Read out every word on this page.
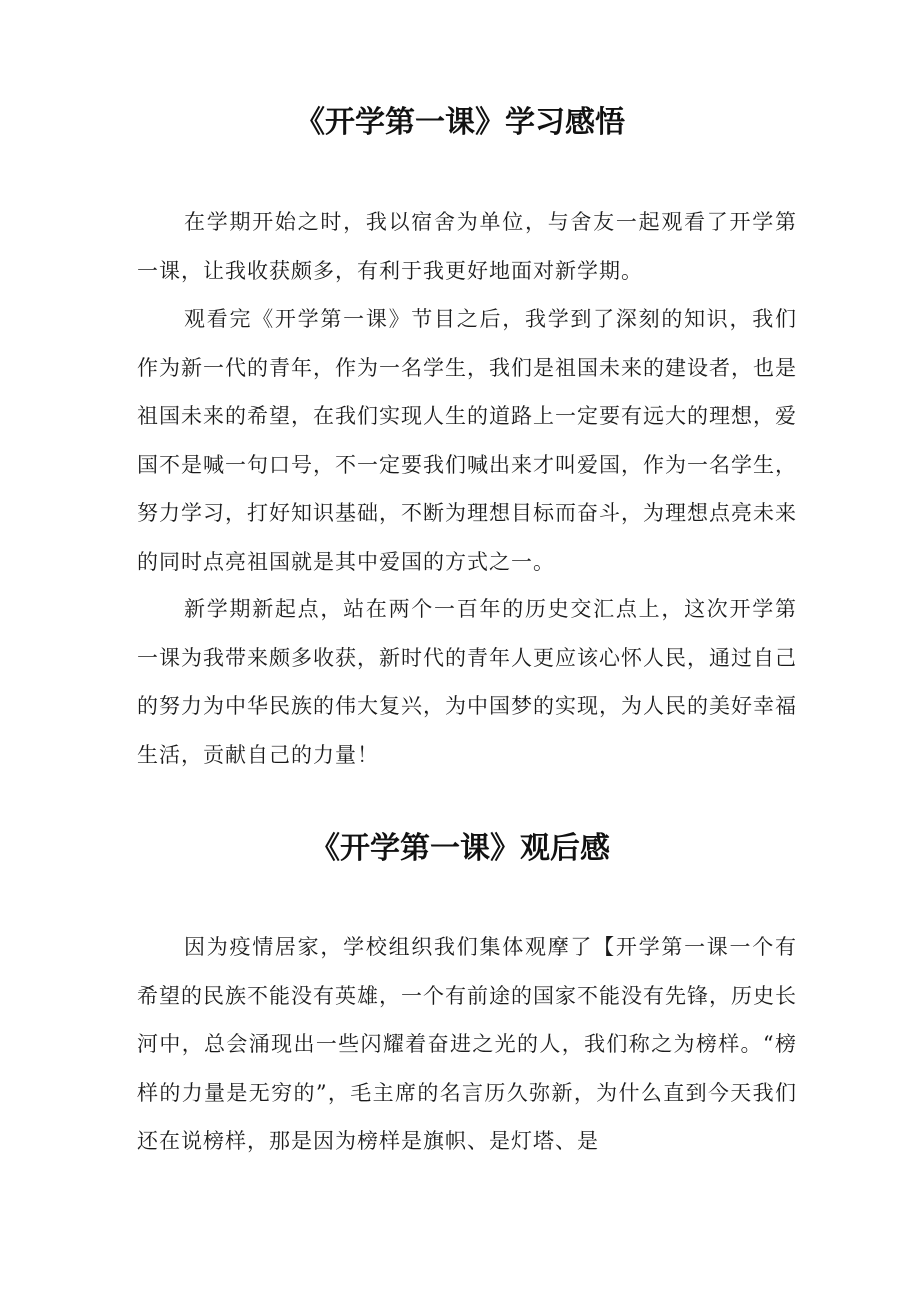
《开学第一课》学习感悟

在学期开始之时，我以宿舍为单位，与舍友一起观看了开学第一课，让我收获颇多，有利于我更好地面对新学期。

观看完《开学第一课》节目之后，我学到了深刻的知识，我们作为新一代的青年，作为一名学生，我们是祖国未来的建设者，也是祖国未来的希望，在我们实现人生的道路上一定要有远大的理想，爱国不是喊一句口号，不一定要我们喊出来才叫爱国，作为一名学生，努力学习，打好知识基础，不断为理想目标而奋斗，为理想点亮未来的同时点亮祖国就是其中爱国的方式之一。

新学期新起点，站在两个一百年的历史交汇点上，这次开学第一课为我带来颇多收获，新时代的青年人更应该心怀人民，通过自己的努力为中华民族的伟大复兴，为中国梦的实现，为人民的美好幸福生活，贡献自己的力量！

《开学第一课》观后感

因为疫情居家，学校组织我们集体观摩了【开学第一课一个有希望的民族不能没有英雄，一个有前途的国家不能没有先锋，历史长河中，总会涌现出一些闪耀着奋进之光的人，我们称之为榜样。“榜样的力量是无穷的”，毛主席的名言历久弥新，为什么直到今天我们还在说榜样，那是因为榜样是旗帜、是灯塔、是
